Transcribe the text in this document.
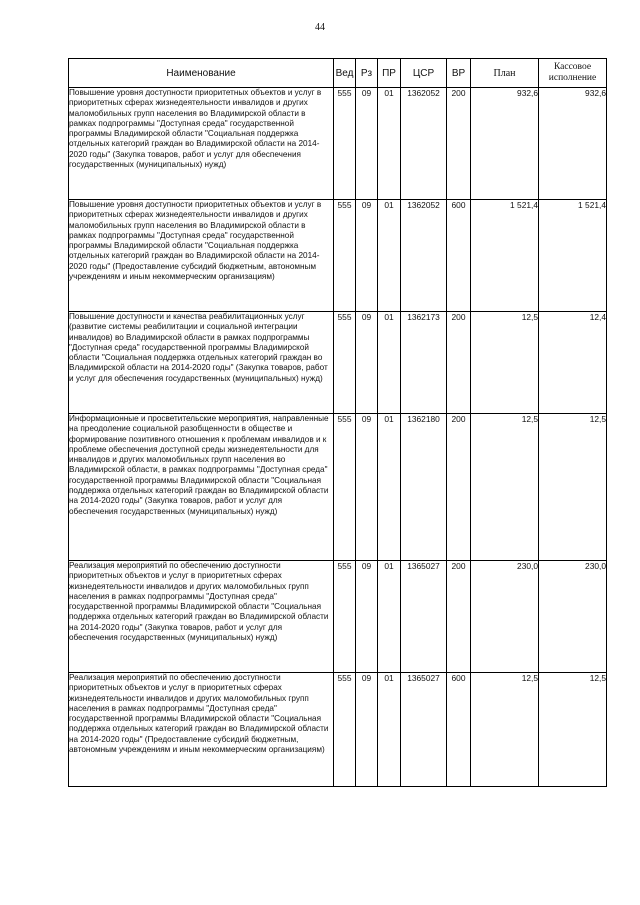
44
Наименование	Вед	Рз	ПР	ЦСР	ВР	План	Кассовое исполнение
Повышение уровня доступности приоритетных объектов и услуг в приоритетных сферах жизнедеятельности инвалидов и других маломобильных групп населения во Владимирской области в рамках подпрограммы "Доступная среда" государственной программы Владимирской области "Социальная поддержка отдельных категорий граждан во Владимирской области на 2014-2020 годы" (Закупка товаров, работ и услуг для обеспечения государственных (муниципальных) нужд)	555	09	01	1362052	200	932,6	932,6
Повышение уровня доступности приоритетных объектов и услуг в приоритетных сферах жизнедеятельности инвалидов и других маломобильных групп населения во Владимирской области в рамках подпрограммы "Доступная среда" государственной программы Владимирской области "Социальная поддержка отдельных категорий граждан во Владимирской области на 2014-2020 годы" (Предоставление субсидий бюджетным, автономным учреждениям и иным некоммерческим организациям)	555	09	01	1362052	600	1 521,4	1 521,4
Повышение доступности и качества реабилитационных услуг (развитие системы реабилитации и социальной интеграции инвалидов) во Владимирской области в рамках подпрограммы "Доступная среда" государственной программы Владимирской области "Социальная поддержка отдельных категорий граждан во Владимирской области на 2014-2020 годы" (Закупка товаров, работ и услуг для обеспечения государственных (муниципальных) нужд)	555	09	01	1362173	200	12,5	12,4
Информационные и просветительские мероприятия, направленные на преодоление социальной разобщенности в обществе и формирование позитивного отношения к проблемам инвалидов и к проблеме обеспечения доступной среды жизнедеятельности для инвалидов и других маломобильных групп населения во Владимирской области, в рамках подпрограммы "Доступная среда" государственной программы Владимирской области "Социальная поддержка отдельных категорий граждан во Владимирской области на 2014-2020 годы" (Закупка товаров, работ и услуг для обеспечения государственных (муниципальных) нужд)	555	09	01	1362180	200	12,5	12,5
Реализация мероприятий по обеспечению доступности приоритетных объектов и услуг в приоритетных сферах жизнедеятельности инвалидов и других маломобильных групп населения в рамках подпрограммы "Доступная среда" государственной программы Владимирской области "Социальная поддержка отдельных категорий граждан во Владимирской области на 2014-2020 годы" (Закупка товаров, работ и услуг для обеспечения государственных (муниципальных) нужд)	555	09	01	1365027	200	230,0	230,0
Реализация мероприятий по обеспечению доступности приоритетных объектов и услуг в приоритетных сферах жизнедеятельности инвалидов и других маломобильных групп населения в рамках подпрограммы "Доступная среда" государственной программы Владимирской области "Социальная поддержка отдельных категорий граждан во Владимирской области на 2014-2020 годы" (Предоставление субсидий бюджетным, автономным учреждениям и иным некоммерческим организациям)	555	09	01	1365027	600	12,5	12,5
